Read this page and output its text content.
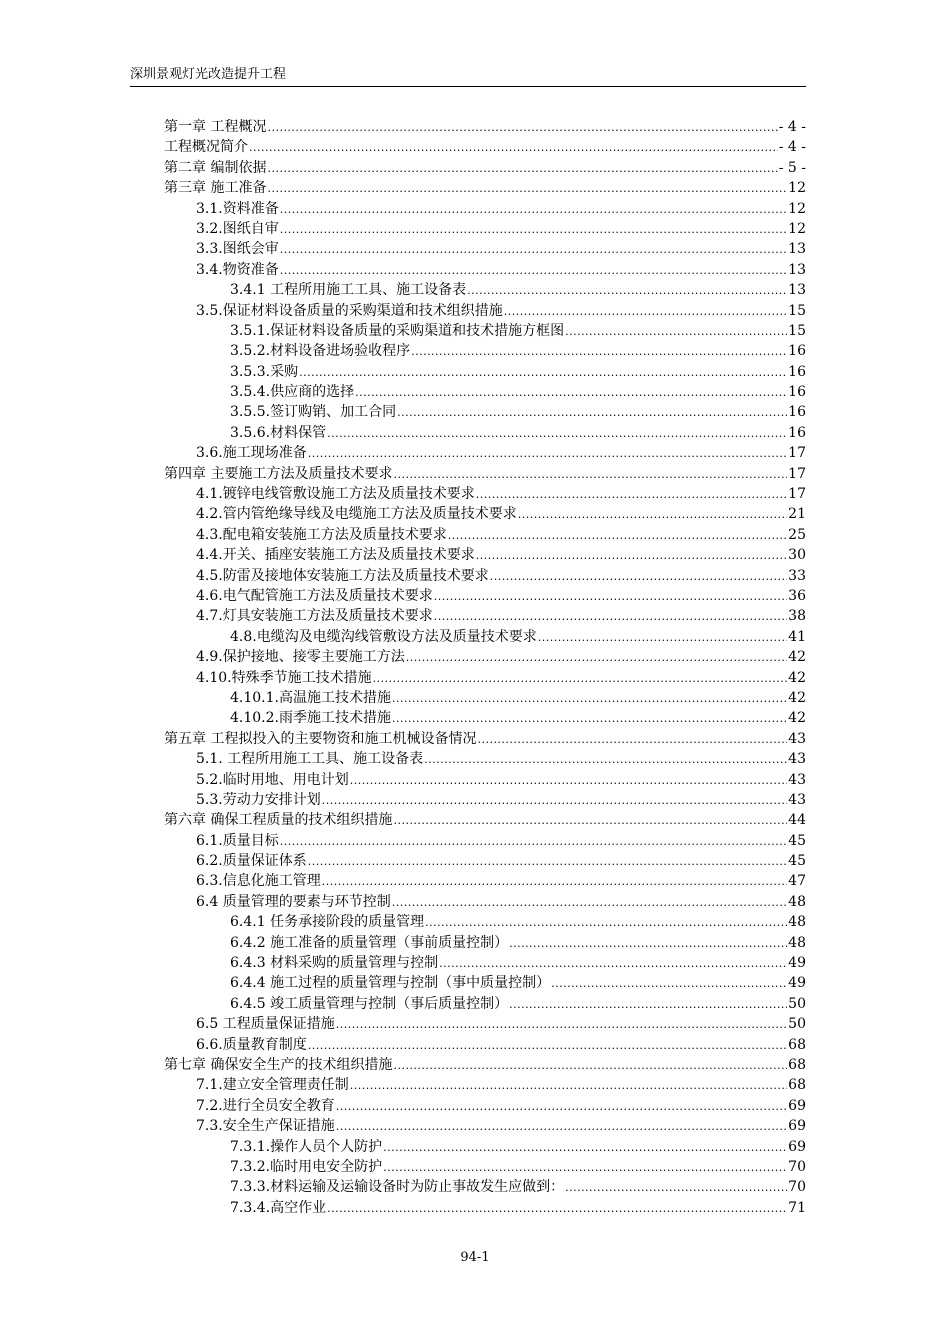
深圳景观灯光改造提升工程
第一章 工程概况 .....	- 4 -
工程概况简介 .....	- 4 -
第二章 编制依据 .....	- 5 -
第三章 施工准备 .....	12
3.1.资料准备 .....	12
3.2.图纸自审 .....	12
3.3.图纸会审 .....	13
3.4.物资准备 .....	13
3.4.1 工程所用施工工具、施工设备表 .....	13
3.5.保证材料设备质量的采购渠道和技术组织措施 .....	15
3.5.1.保证材料设备质量的采购渠道和技术措施方框图 .....	15
3.5.2.材料设备进场验收程序 .....	16
3.5.3.采购 .....	16
3.5.4.供应商的选择 .....	16
3.5.5.签订购销、加工合同 .....	16
3.5.6.材料保管 .....	16
3.6.施工现场准备 .....	17
第四章 主要施工方法及质量技术要求 .....	17
4.1.镀锌电线管敷设施工方法及质量技术要求 .....	17
4.2.管内管绝缘导线及电缆施工方法及质量技术要求 .....	21
4.3.配电箱安装施工方法及质量技术要求 .....	25
4.4.开关、插座安装施工方法及质量技术要求 .....	30
4.5.防雷及接地体安装施工方法及质量技术要求 .....	33
4.6.电气配管施工方法及质量技术要求 .....	36
4.7.灯具安装施工方法及质量技术要求 .....	38
4.8.电缆沟及电缆沟线管敷设方法及质量技术要求 .....	41
4.9.保护接地、接零主要施工方法 .....	42
4.10.特殊季节施工技术措施 .....	42
4.10.1.高温施工技术措施 .....	42
4.10.2.雨季施工技术措施 .....	42
第五章 工程拟投入的主要物资和施工机械设备情况 .....	43
5.1. 工程所用施工工具、施工设备表 .....	43
5.2.临时用地、用电计划 .....	43
5.3.劳动力安排计划 .....	43
第六章 确保工程质量的技术组织措施 .....	44
6.1.质量目标 .....	45
6.2.质量保证体系 .....	45
6.3.信息化施工管理 .....	47
6.4 质量管理的要素与环节控制 .....	48
6.4.1 任务承接阶段的质量管理 .....	48
6.4.2 施工准备的质量管理（事前质量控制） .....	48
6.4.3 材料采购的质量管理与控制 .....	49
6.4.4 施工过程的质量管理与控制（事中质量控制） .....	49
6.4.5 竣工质量管理与控制（事后质量控制） .....	50
6.5 工程质量保证措施 .....	50
6.6.质量教育制度 .....	68
第七章 确保安全生产的技术组织措施 .....	68
7.1.建立安全管理责任制 .....	68
7.2.进行全员安全教育 .....	69
7.3.安全生产保证措施 .....	69
7.3.1.操作人员个人防护 .....	69
7.3.2.临时用电安全防护 .....	70
7.3.3.材料运输及运输设备时为防止事故发生应做到： .....	70
7.3.4.高空作业 .....	71
94-1
